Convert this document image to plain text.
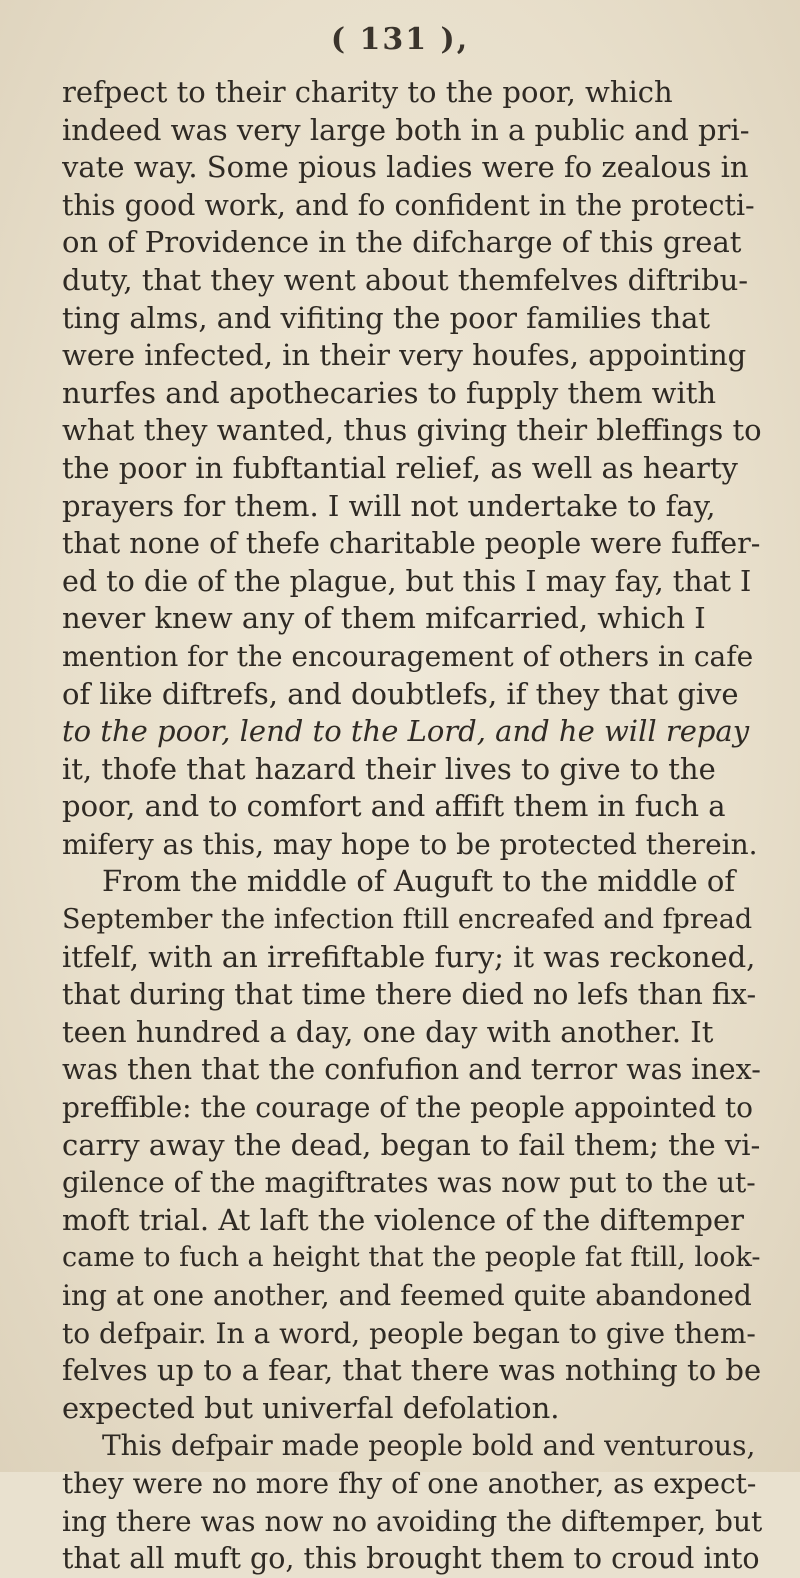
( 131 ),
refpect to their charity to the poor, which
indeed was very large both in a public and pri-
vate way. Some pious ladies were fo zealous in
this good work, and fo confident in the protecti-
on of Providence in the difcharge of this great
duty, that they went about themfelves diftribu-
ting alms, and vifiting the poor families that
were infected, in their very houfes, appointing
nurfes and apothecaries to fupply them with
what they wanted, thus giving their bleffings to
the poor in fubftantial relief, as well as hearty
prayers for them. I will not undertake to fay,
that none of thefe charitable people were fuffer-
ed to die of the plague, but this I may fay, that I
never knew any of them mifcarried, which I
mention for the encouragement of others in cafe
of like diftrefs, and doubtlefs, if they that give
to the poor, lend to the Lord, and he will repay
it, thofe that hazard their lives to give to the
poor, and to comfort and affift them in fuch a
mifery as this, may hope to be protected therein.
From the middle of Auguft to the middle of
September the infection ftill encreafed and fpread
itfelf, with an irrefiftable fury; it was reckoned,
that during that time there died no lefs than fix-
teen hundred a day, one day with another. It
was then that the confufion and terror was inex-
preffible: the courage of the people appointed to
carry away the dead, began to fail them; the vi-
gilence of the magiftrates was now put to the ut-
moft trial. At laft the violence of the diftemper
came to fuch a height that the people fat ftill, look-
ing at one another, and feemed quite abandoned
to defpair. In a word, people began to give them-
felves up to a fear, that there was nothing to be
expected but univerfal defolation.
This defpair made people bold and venturous,
they were no more fhy of one another, as expect-
ing there was now no avoiding the diftemper, but
that all muft go, this brought them to croud into
